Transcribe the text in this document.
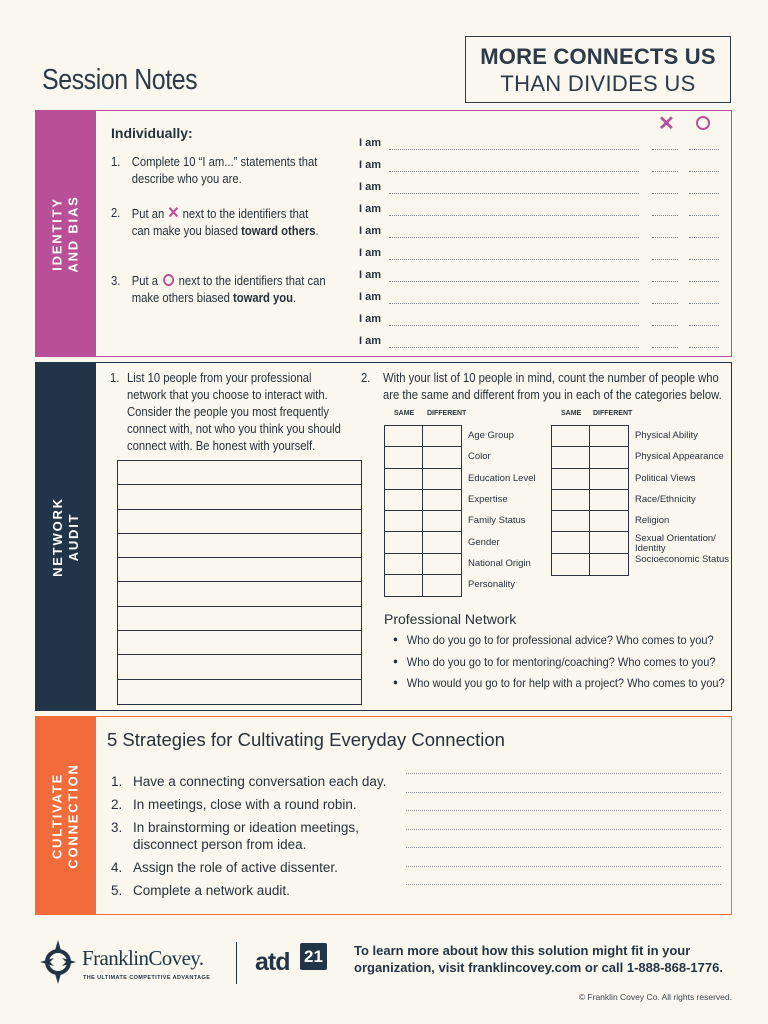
Session Notes
MORE CONNECTS US
THAN DIVIDES US
IDENTITY AND BIAS
Individually:
1. Complete 10 “I am...” statements that describe who you are.
2. Put an ✕ next to the identifiers that can make you biased toward others.
3. Put a ○ next to the identifiers that can make others biased toward you.
✕
I am
I am
I am
I am
I am
I am
I am
I am
I am
I am
NETWORK AUDIT
1. List 10 people from your professional network that you choose to interact with. Consider the people you most frequently connect with, not who you think you should connect with. Be honest with yourself.
2.	With your list of 10 people in mind, count the number of people who are the same and different from you in each of the categories below.
SAME DIFFERENT	SAME DIFFERENT
Age Group
Color
Education Level
Expertise
Family Status
Gender
National Origin
Personality
Physical Ability
Physical Appearance
Political Views
Race/Ethnicity
Religion
Sexual Orientation/ Identity
Socioeconomic Status
Professional Network
● Who do you go to for professional advice? Who comes to you?
● Who do you go to for mentoring/coaching? Who comes to you?
● Who would you go to for help with a project? Who comes to you?
CULTIVATE CONNECTION
5 Strategies for Cultivating Everyday Connection
1. Have a connecting conversation each day.
2. In meetings, close with a round robin.
3. In brainstorming or ideation meetings, disconnect person from idea.
4. Assign the role of active dissenter.
5. Complete a network audit.
FranklinCovey.
THE ULTIMATE COMPETITIVE ADVANTAGE
atd 21	To learn more about how this solution might fit in your organization, visit franklincovey.com or call 1-888-868-1776.
© Franklin Covey Co. All rights reserved.
